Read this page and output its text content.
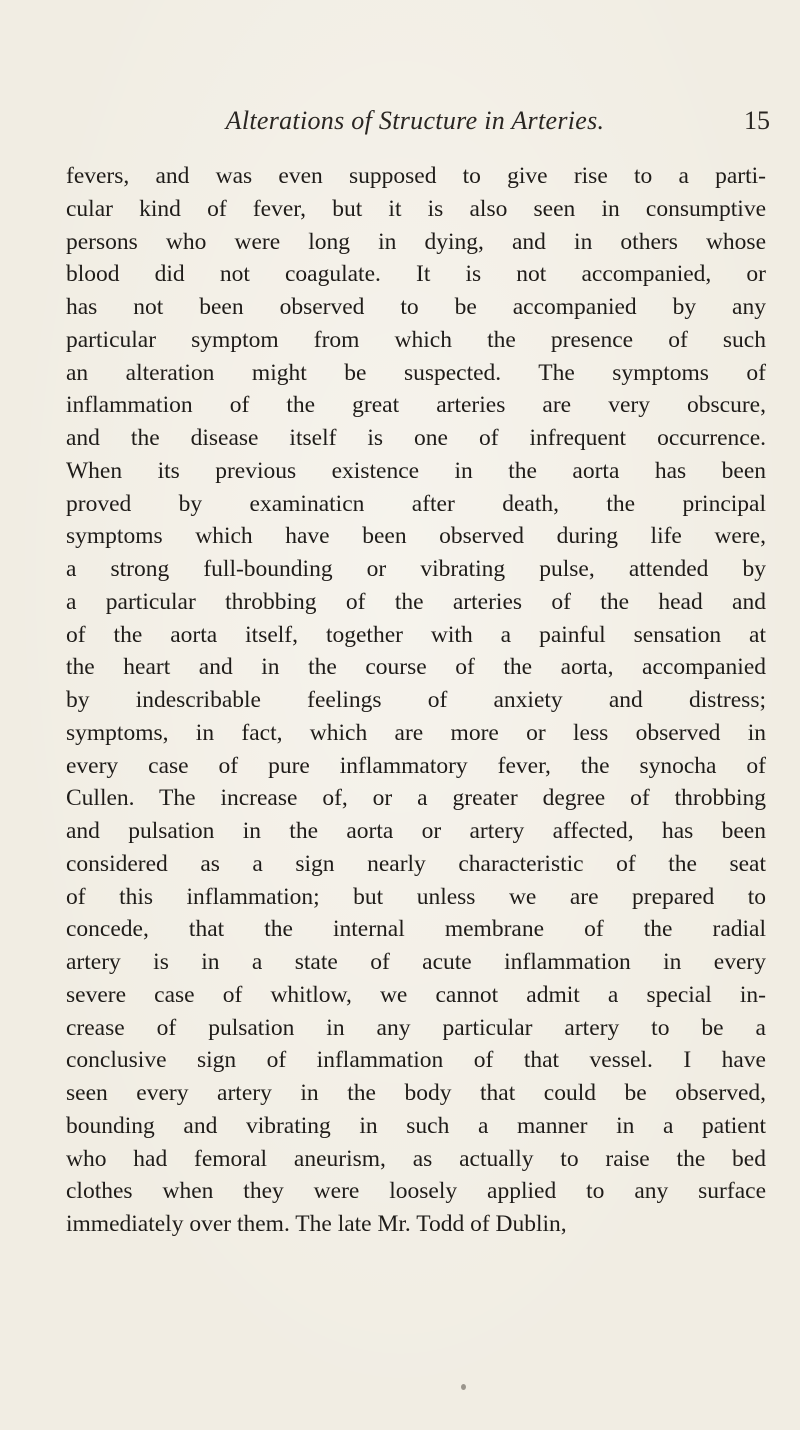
Alterations of Structure in Arteries.	15
fevers, and was even supposed to give rise to a parti-
cular kind of fever, but it is also seen in consumptive
persons who were long in dying, and in others whose
blood did not coagulate. It is not accompanied, or
has not been observed to be accompanied by any
particular symptom from which the presence of such
an alteration might be suspected. The symptoms of
inflammation of the great arteries are very obscure,
and the disease itself is one of infrequent occurrence.
When its previous existence in the aorta has been
proved by examinaticn after death, the principal
symptoms which have been observed during life were,
a strong full-bounding or vibrating pulse, attended by
a particular throbbing of the arteries of the head and
of the aorta itself, together with a painful sensation at
the heart and in the course of the aorta, accompanied
by indescribable feelings of anxiety and distress;
symptoms, in fact, which are more or less observed in
every case of pure inflammatory fever, the synocha of
Cullen. The increase of, or a greater degree of throbbing
and pulsation in the aorta or artery affected, has been
considered as a sign nearly characteristic of the seat
of this inflammation; but unless we are prepared to
concede, that the internal membrane of the radial
artery is in a state of acute inflammation in every
severe case of whitlow, we cannot admit a special in-
crease of pulsation in any particular artery to be a
conclusive sign of inflammation of that vessel. I have
seen every artery in the body that could be observed,
bounding and vibrating in such a manner in a patient
who had femoral aneurism, as actually to raise the bed
clothes when they were loosely applied to any surface
immediately over them. The late Mr. Todd of Dublin,
